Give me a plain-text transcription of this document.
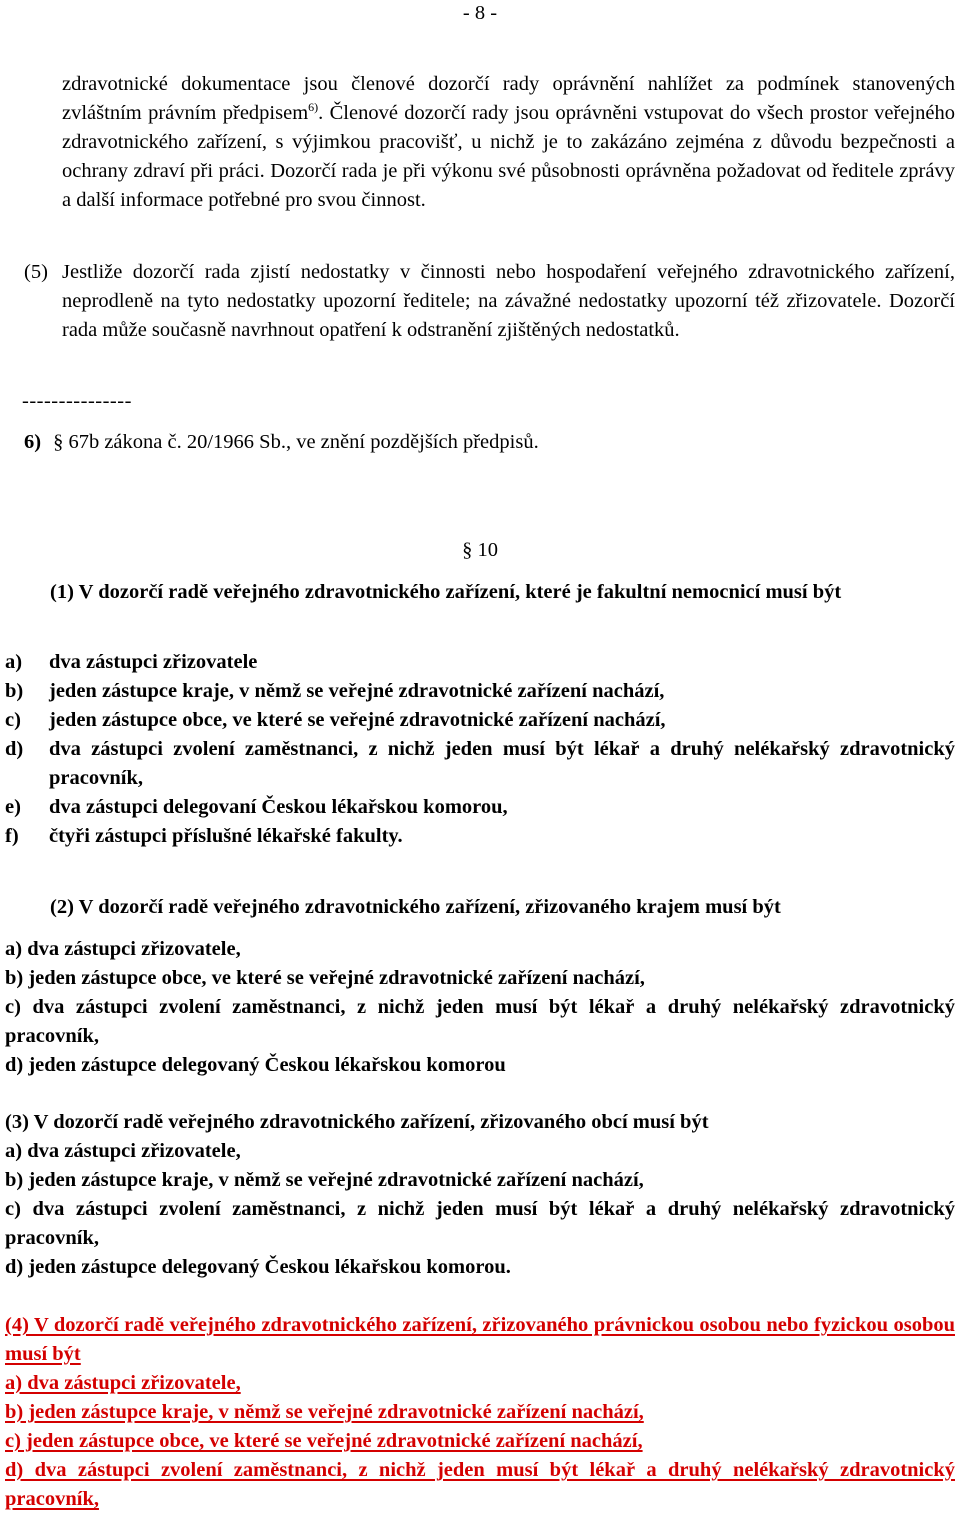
- 8 -
zdravotnické dokumentace jsou členové dozorčí rady oprávnění nahlížet za podmínek stanovených zvláštním právním předpisem$^{6)}$. Členové dozorčí rady jsou oprávněni vstupovat do všech prostor veřejného zdravotnického zařízení, s výjimkou pracovišť, u nichž je to zakázáno zejména z důvodu bezpečnosti a ochrany zdraví při práci. Dozorčí rada je při výkonu své působnosti oprávněna požadovat od ředitele zprávy a další informace potřebné pro svou činnost.
(5) Jestliže dozorčí rada zjistí nedostatky v činnosti nebo hospodaření veřejného zdravotnického zařízení, neprodleně na tyto nedostatky upozorní ředitele; na závažné nedostatky upozorní též zřizovatele. Dozorčí rada může současně navrhnout opatření k odstranění zjištěných nedostatků.
---------------
6) § 67b zákona č. 20/1966 Sb., ve znění pozdějších předpisů.
§ 10
(1) V dozorčí radě veřejného zdravotnického zařízení, které je fakultní nemocnicí musí být
a) dva zástupci zřizovatele
b) jeden zástupce kraje, v němž se veřejné zdravotnické zařízení nachází,
c) jeden zástupce obce, ve které se veřejné zdravotnické zařízení nachází,
d) dva zástupci zvolení zaměstnanci, z nichž jeden musí být lékař a druhý nelékařský zdravotnický pracovník,
e) dva zástupci delegovaní Českou lékařskou komorou,
f) čtyři zástupci příslušné lékařské fakulty.
(2) V dozorčí radě veřejného zdravotnického zařízení, zřizovaného krajem musí být
a) dva zástupci zřizovatele,
b) jeden zástupce obce, ve které se veřejné zdravotnické zařízení nachází,
c) dva zástupci zvolení zaměstnanci, z nichž jeden musí být lékař a druhý nelékařský zdravotnický pracovník,
d) jeden zástupce delegovaný Českou lékařskou komorou
(3) V dozorčí radě veřejného zdravotnického zařízení, zřizovaného obcí musí být
a) dva zástupci zřizovatele,
b) jeden zástupce kraje, v němž se veřejné zdravotnické zařízení nachází,
c) dva zástupci zvolení zaměstnanci, z nichž jeden musí být lékař a druhý nelékařský zdravotnický pracovník,
d) jeden zástupce delegovaný Českou lékařskou komorou.
(4) V dozorčí radě veřejného zdravotnického zařízení, zřizovaného právnickou osobou nebo fyzickou osobou musí být
a) dva zástupci zřizovatele,
b) jeden zástupce kraje, v němž se veřejné zdravotnické zařízení nachází,
c) jeden zástupce obce, ve které se veřejné zdravotnické zařízení nachází,
d) dva zástupci zvolení zaměstnanci, z nichž jeden musí být lékař a druhý nelékařský zdravotnický pracovník,
